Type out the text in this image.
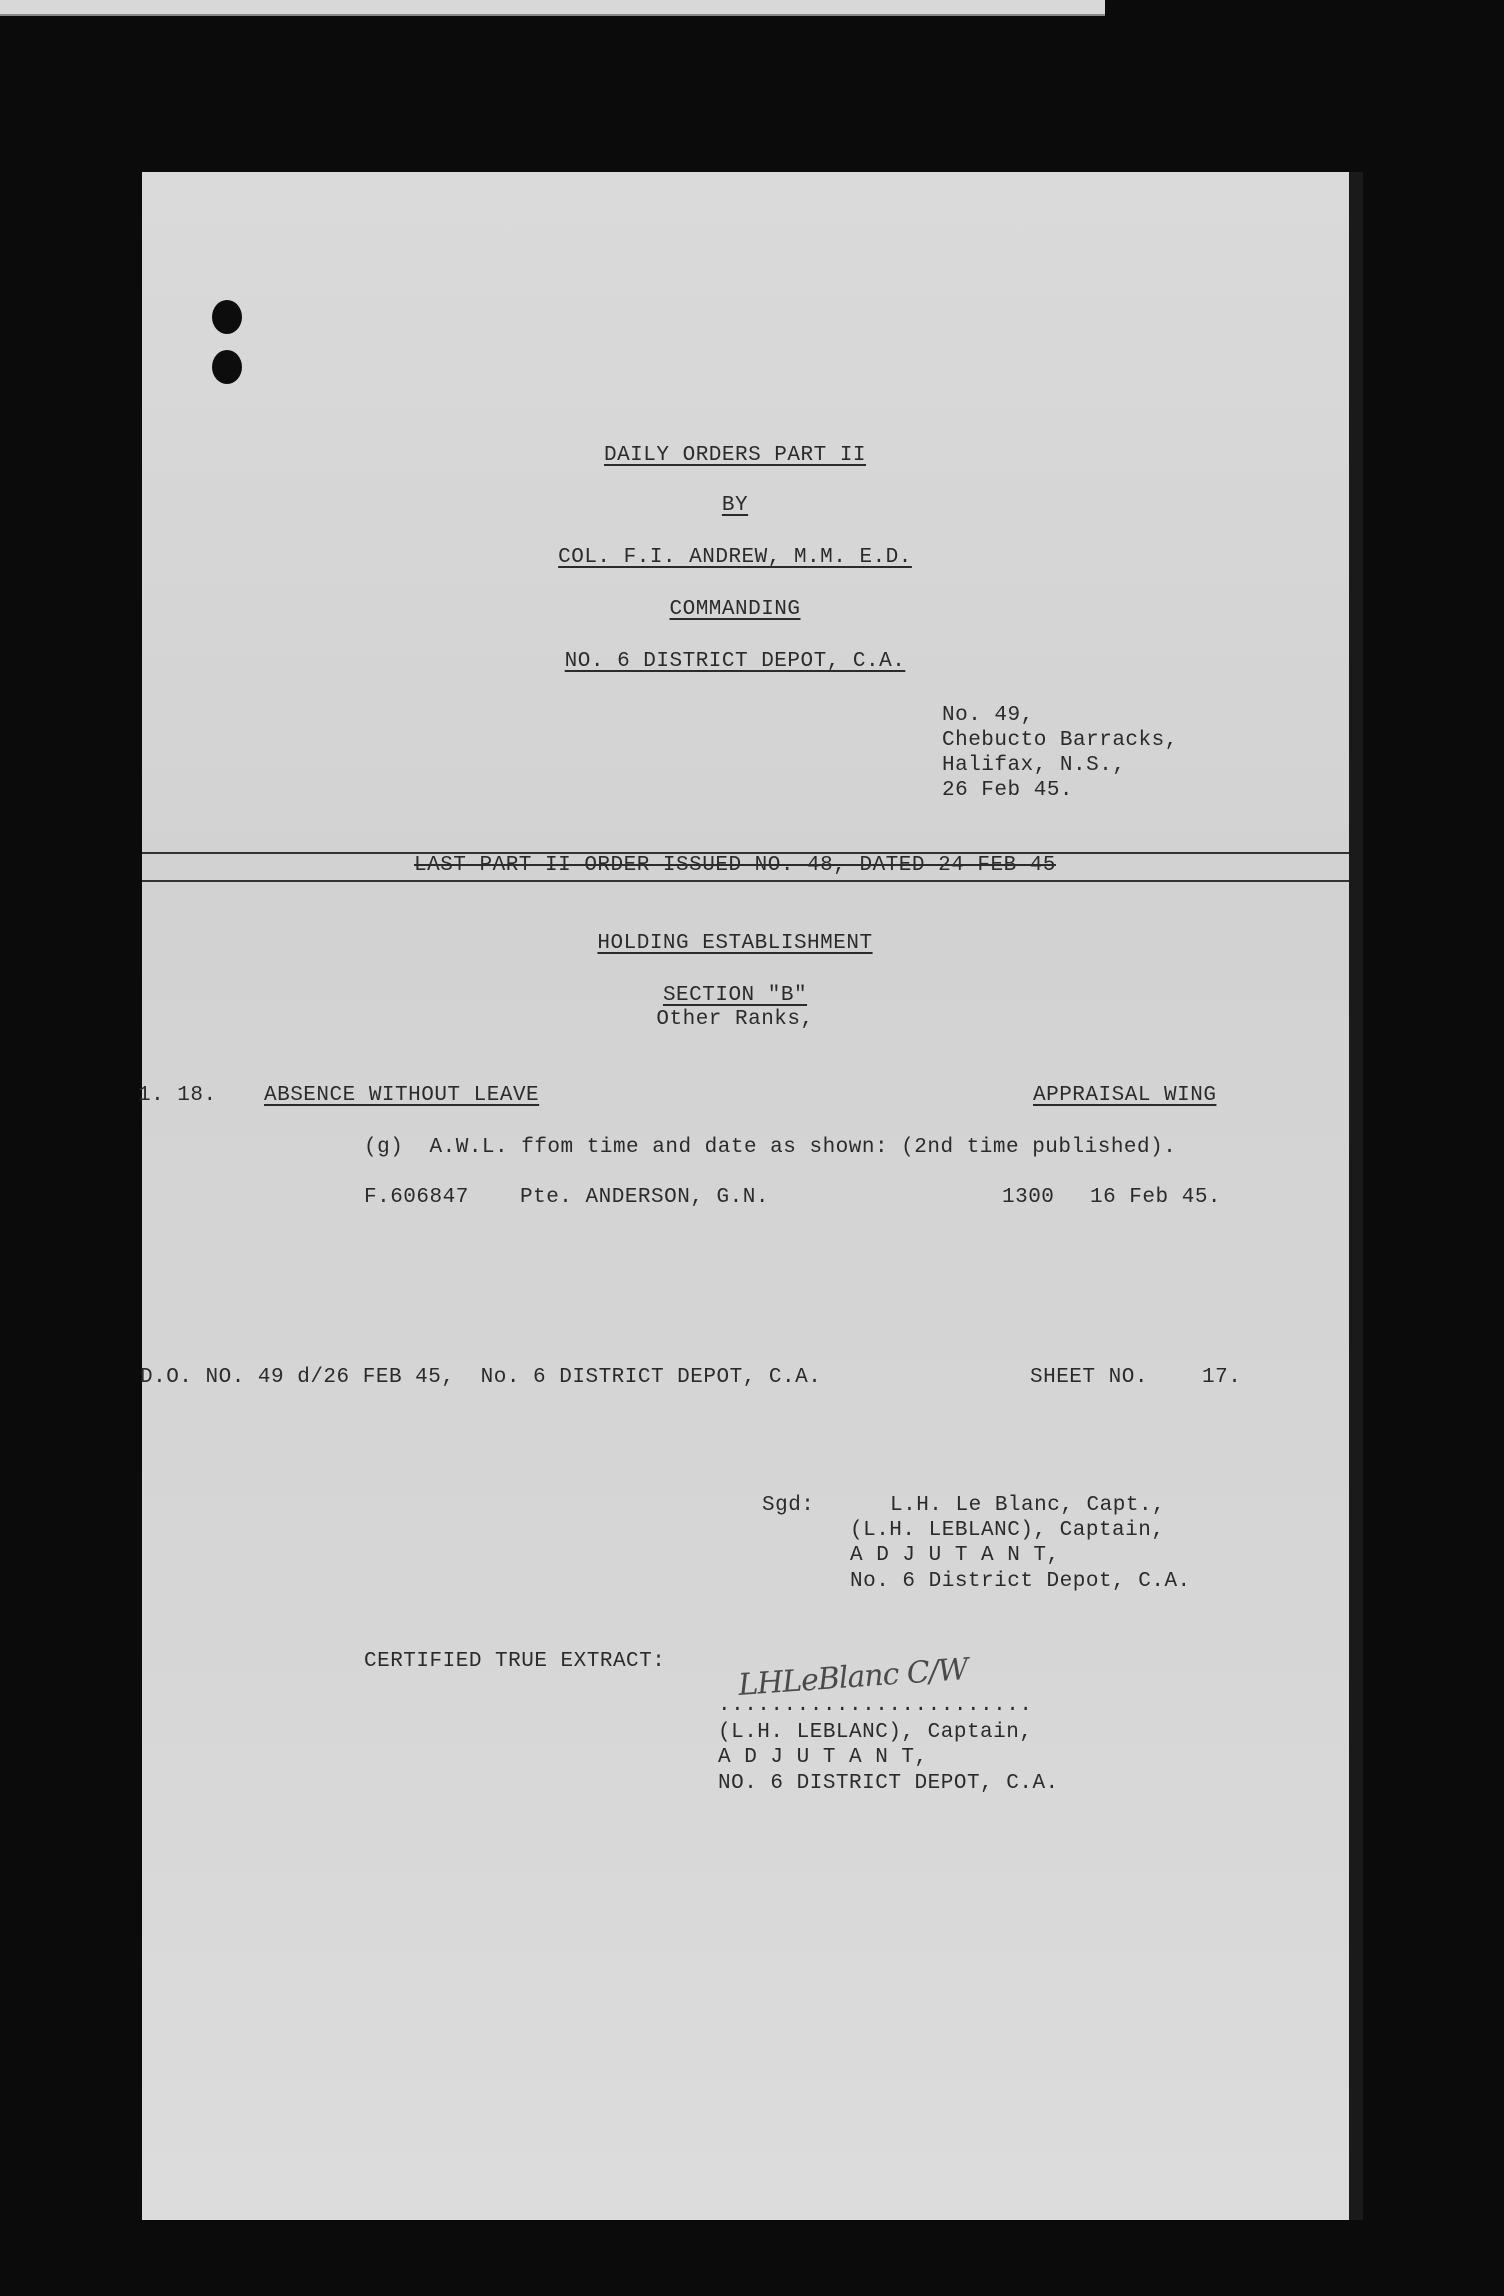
DAILY ORDERS PART II
BY
COL. F.I. ANDREW, M.M. E.D.
COMMANDING
NO. 6 DISTRICT DEPOT, C.A.
No. 49,
Chebucto Barracks,
Halifax, N.S.,
26 Feb 45.
LAST PART II ORDER ISSUED NO. 48, DATED 24 FEB 45
HOLDING ESTABLISHMENT
SECTION "B"
Other Ranks,
1. 18. ABSENCE WITHOUT LEAVE	APPRAISAL WING
(g)  A.W.L. ffom time and date as shown: (2nd time published).
F.606847 Pte. ANDERSON, G.N.	1300 16 Feb 45.
D.O. NO. 49 d/26 FEB 45,  No. 6 DISTRICT DEPOT, C.A.	SHEET NO.	17.
Sgd:	L.H. Le Blanc, Capt.,
(L.H. LEBLANC), Captain,
A D J U T A N T,
No. 6 District Depot, C.A.
CERTIFIED TRUE EXTRACT: LHLeBlanc C/W
........................
(L.H. LEBLANC), Captain,
A D J U T A N T,
NO. 6 DISTRICT DEPOT, C.A.
